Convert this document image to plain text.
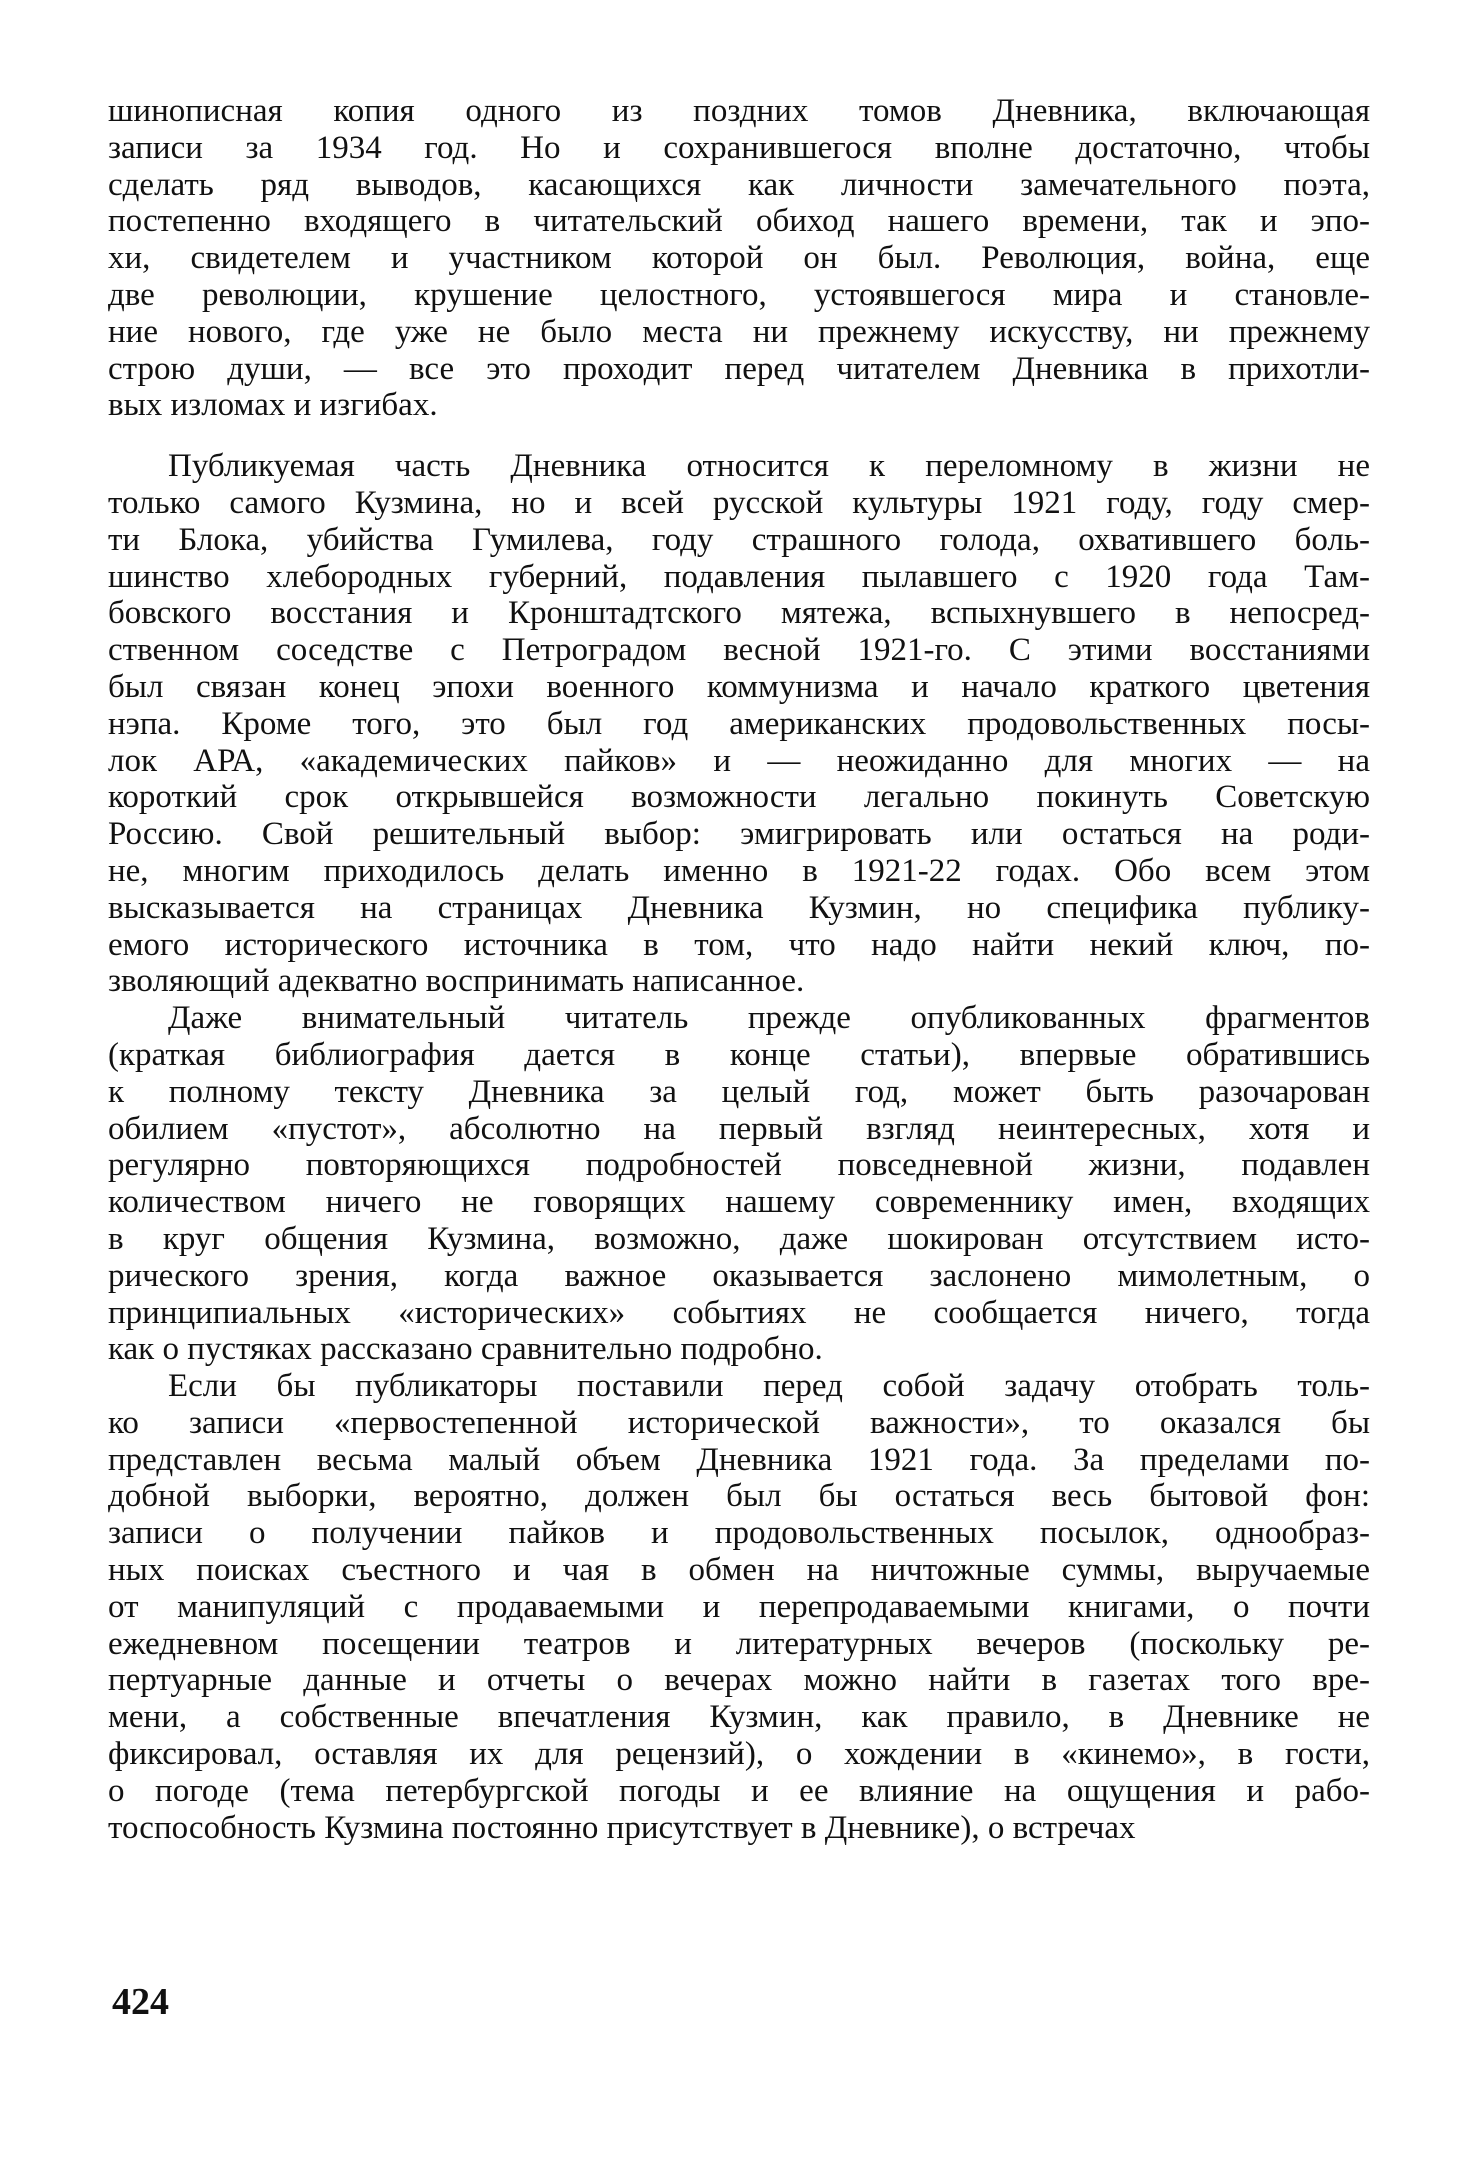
шинописная копия одного из поздних томов Дневника, включающая
записи за 1934 год. Но и сохранившегося вполне достаточно, чтобы
сделать ряд выводов, касающихся как личности замечательного поэта,
постепенно входящего в читательский обиход нашего времени, так и эпо-
хи, свидетелем и участником которой он был. Революция, война, еще
две революции, крушение целостного, устоявшегося мира и становле-
ние нового, где уже не было места ни прежнему искусству, ни прежнему
строю души, — все это проходит перед читателем Дневника в прихотли-
вых изломах и изгибах.

Публикуемая часть Дневника относится к переломному в жизни не
только самого Кузмина, но и всей русской культуры 1921 году, году смер-
ти Блока, убийства Гумилева, году страшного голода, охватившего боль-
шинство хлебородных губерний, подавления пылавшего с 1920 года Там-
бовского восстания и Кронштадтского мятежа, вспыхнувшего в непосред-
ственном соседстве с Петроградом весной 1921-го. С этими восстаниями
был связан конец эпохи военного коммунизма и начало краткого цветения
нэпа. Кроме того, это был год американских продовольственных посы-
лок АРА, «академических пайков» и — неожиданно для многих — на
короткий срок открывшейся возможности легально покинуть Советскую
Россию. Свой решительный выбор: эмигрировать или остаться на роди-
не, многим приходилось делать именно в 1921-22 годах. Обо всем этом
высказывается на страницах Дневника Кузмин, но специфика публику-
емого исторического источника в том, что надо найти некий ключ, по-
зволяющий адекватно воспринимать написанное.

Даже внимательный читатель прежде опубликованных фрагментов
(краткая библиография дается в конце статьи), впервые обратившись
к полному тексту Дневника за целый год, может быть разочарован
обилием «пустот», абсолютно на первый взгляд неинтересных, хотя и
регулярно повторяющихся подробностей повседневной жизни, подавлен
количеством ничего не говорящих нашему современнику имен, входящих
в круг общения Кузмина, возможно, даже шокирован отсутствием исто-
рического зрения, когда важное оказывается заслонено мимолетным, о
принципиальных «исторических» событиях не сообщается ничего, тогда
как о пустяках рассказано сравнительно подробно.

Если бы публикаторы поставили перед собой задачу отобрать толь-
ко записи «первостепенной исторической важности», то оказался бы
представлен весьма малый объем Дневника 1921 года. За пределами по-
добной выборки, вероятно, должен был бы остаться весь бытовой фон:
записи о получении пайков и продовольственных посылок, однообраз-
ных поисках съестного и чая в обмен на ничтожные суммы, выручаемые
от манипуляций с продаваемыми и перепродаваемыми книгами, о почти
ежедневном посещении театров и литературных вечеров (поскольку ре-
пертуарные данные и отчеты о вечерах можно найти в газетах того вре-
мени, а собственные впечатления Кузмин, как правило, в Дневнике не
фиксировал, оставляя их для рецензий), о хождении в «кинемо», в гости,
о погоде (тема петербургской погоды и ее влияние на ощущения и рабо-
тоспособность Кузмина постоянно присутствует в Дневнике), о встречах

424
